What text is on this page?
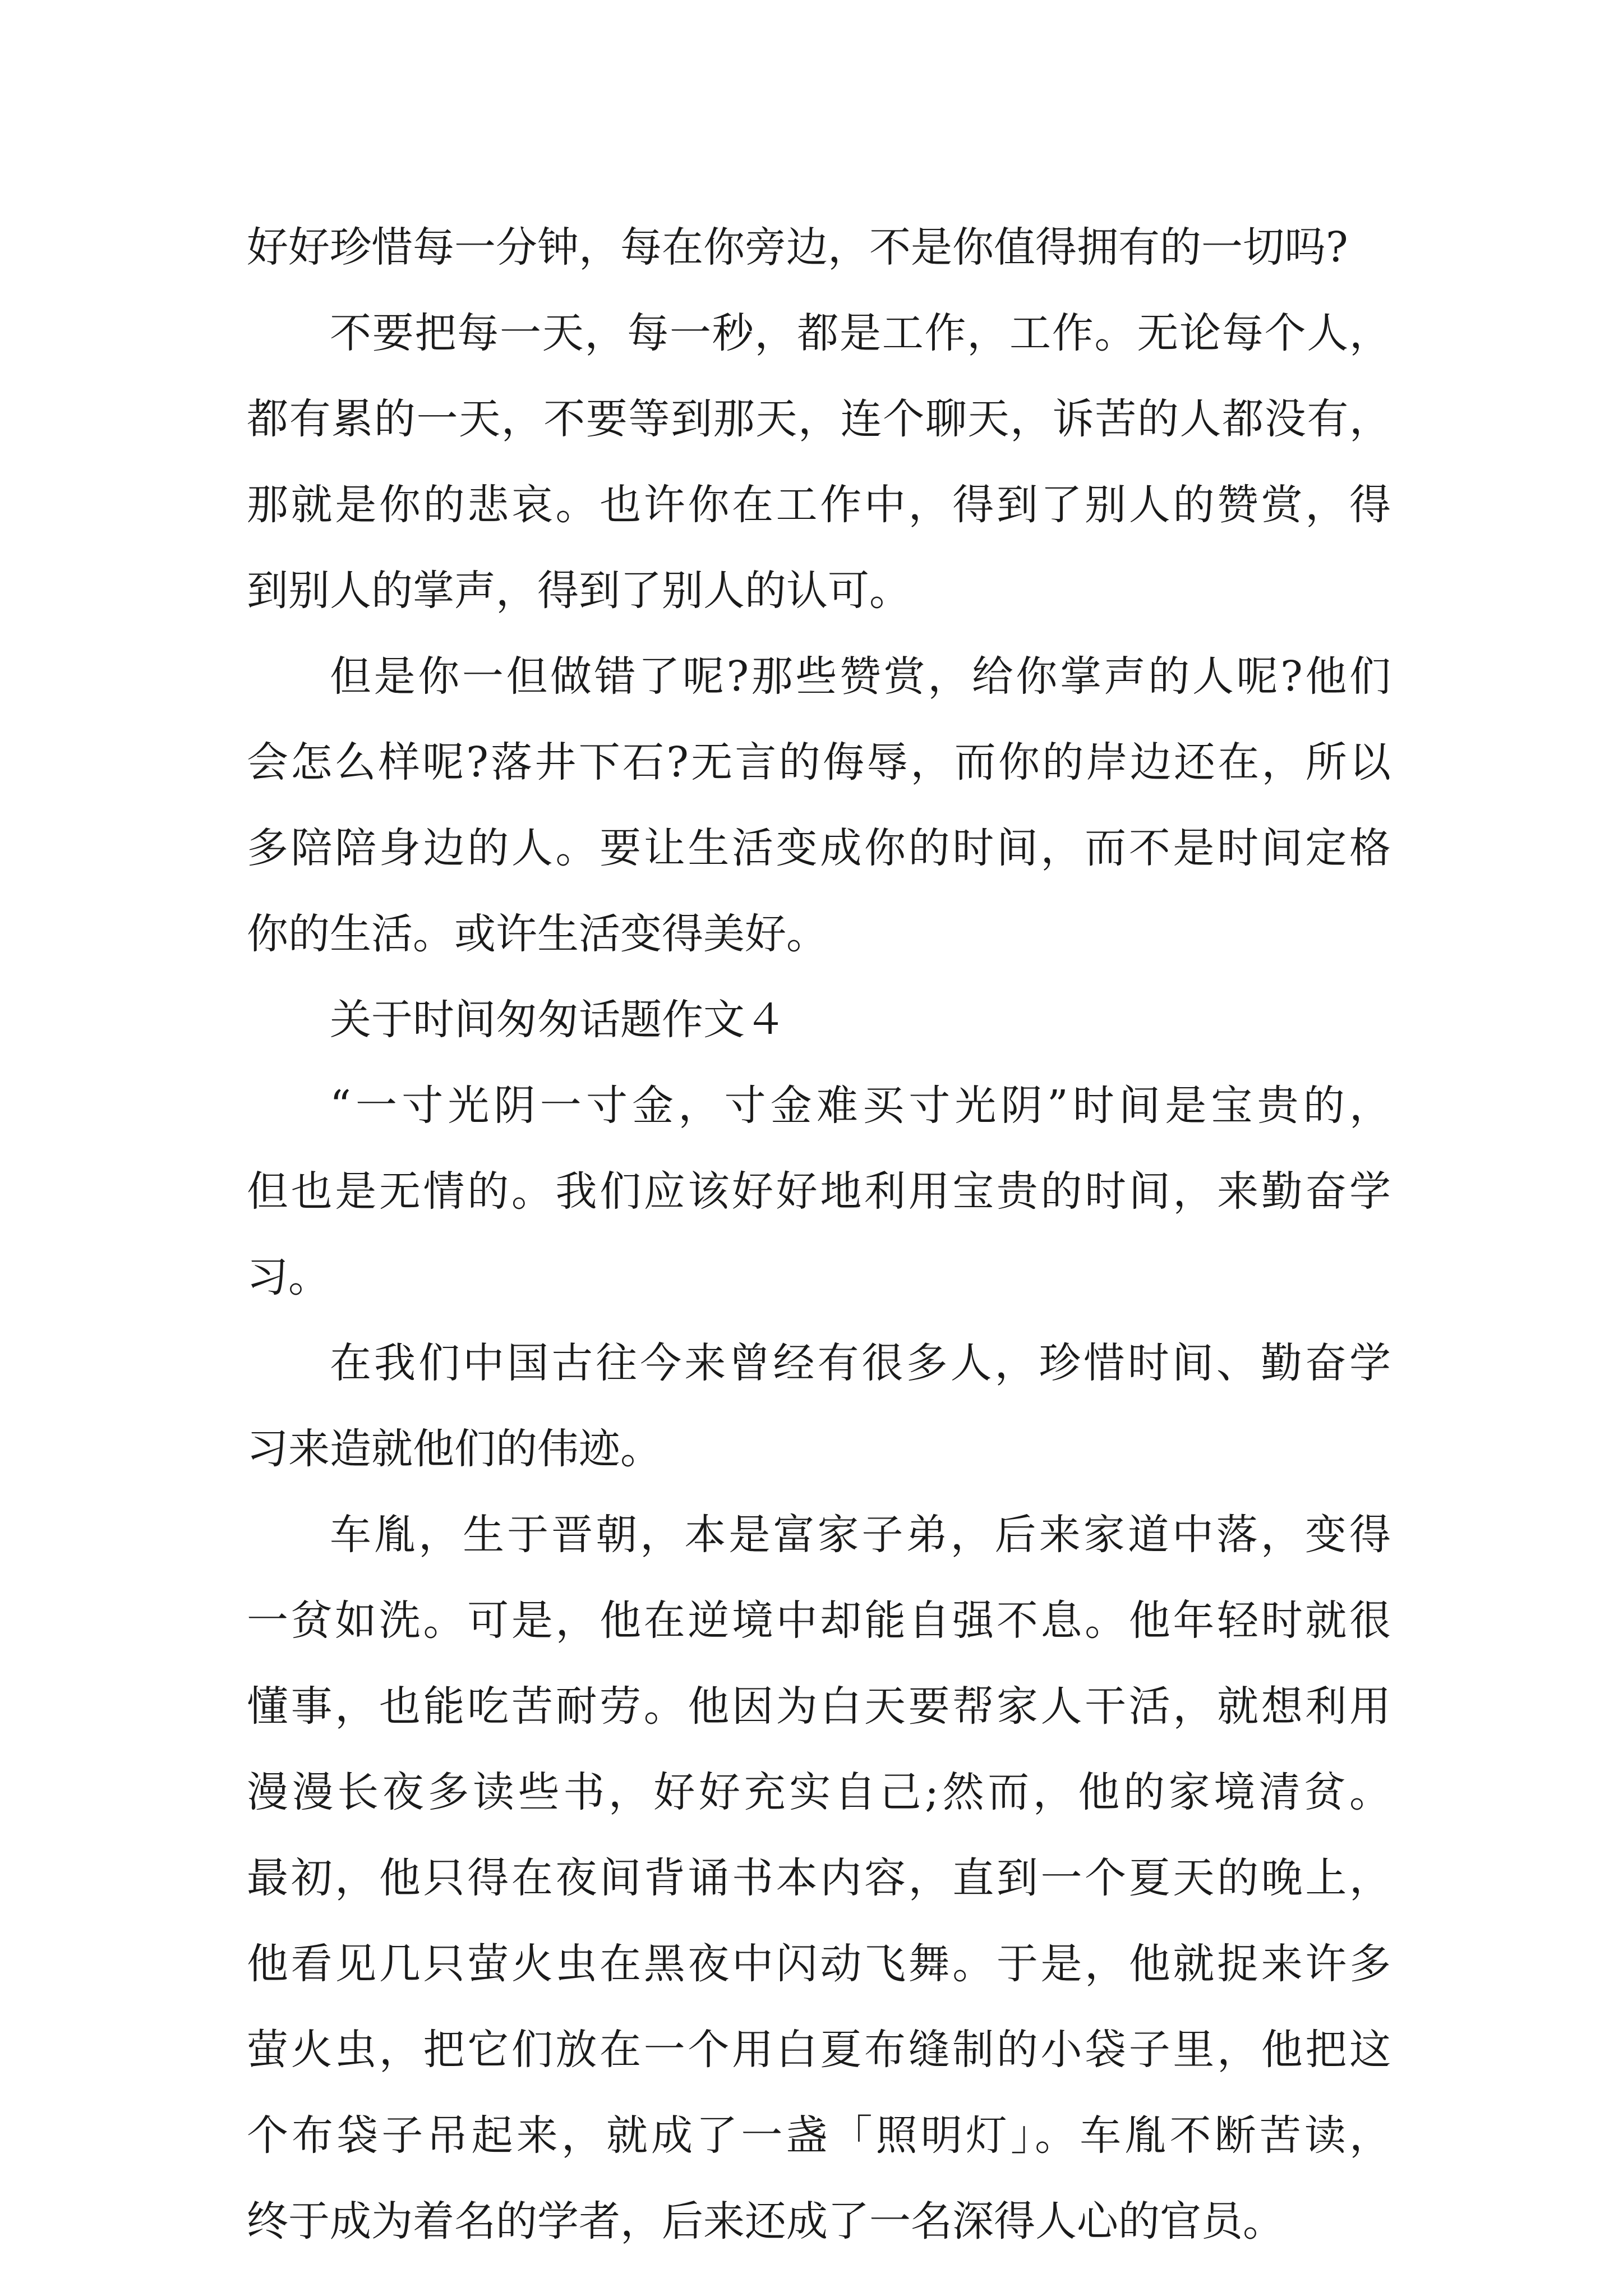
好好珍惜每一分钟，每在你旁边，不是你值得拥有的一切吗?
不要把每一天，每一秒，都是工作，工作。无论每个人，
都有累的一天，不要等到那天，连个聊天，诉苦的人都没有，
那就是你的悲哀。也许你在工作中，得到了别人的赞赏，得
到别人的掌声，得到了别人的认可。
但是你一但做错了呢?那些赞赏，给你掌声的人呢?他们
会怎么样呢?落井下石?无言的侮辱，而你的岸边还在，所以
多陪陪身边的人。要让生活变成你的时间，而不是时间定格
你的生活。或许生活变得美好。
关于时间匆匆话题作文４
“一寸光阴一寸金，寸金难买寸光阴”时间是宝贵的，
但也是无情的。我们应该好好地利用宝贵的时间，来勤奋学
习。
在我们中国古往今来曾经有很多人，珍惜时间、勤奋学
习来造就他们的伟迹。
车胤，生于晋朝，本是富家子弟，后来家道中落，变得
一贫如洗。可是，他在逆境中却能自强不息。他年轻时就很
懂事，也能吃苦耐劳。他因为白天要帮家人干活，就想利用
漫漫长夜多读些书，好好充实自己;然而，他的家境清贫。
最初，他只得在夜间背诵书本内容，直到一个夏天的晚上，
他看见几只萤火虫在黑夜中闪动飞舞。于是，他就捉来许多
萤火虫，把它们放在一个用白夏布缝制的小袋子里，他把这
个布袋子吊起来，就成了一盏「照明灯」。车胤不断苦读，
终于成为着名的学者，后来还成了一名深得人心的官员。
